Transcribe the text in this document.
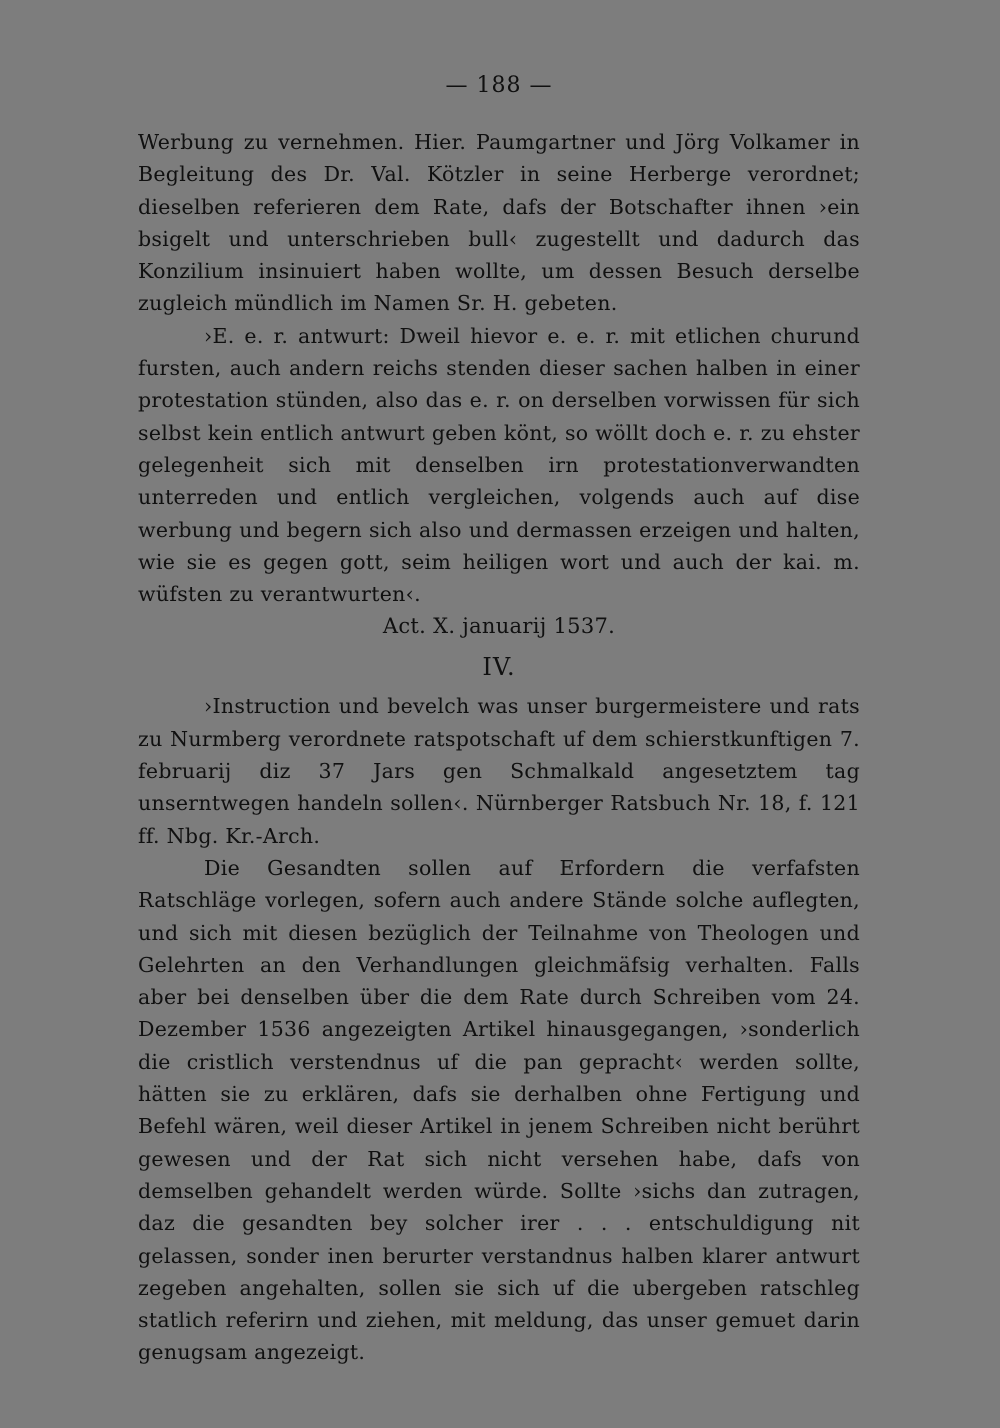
— 188 —

Werbung zu vernehmen. Hier. Paumgartner und Jörg Volkamer in Begleitung des Dr. Val. Kötzler in seine Herberge verordnet; dieselben referieren dem Rate, dafs der Botschafter ihnen ›ein bsigelt und unterschrieben bull‹ zugestellt und dadurch das Konzilium insinuiert haben wollte, um dessen Besuch derselbe zugleich mündlich im Namen Sr. H. gebeten.

›E. e. r. antwurt: Dweil hievor e. e. r. mit etlichen churund fursten, auch andern reichs stenden dieser sachen halben in einer protestation stünden, also das e. r. on derselben vorwissen für sich selbst kein entlich antwurt geben könt, so wöllt doch e. r. zu ehster gelegenheit sich mit denselben irn protestationverwandten unterreden und entlich vergleichen, volgends auch auf dise werbung und begern sich also und dermassen erzeigen und halten, wie sie es gegen gott, seim heiligen wort und auch der kai. m. wüfsten zu verantwurten‹.

Act. X. januarij 1537.

IV.

›Instruction und bevelch was unser burgermeistere und rats zu Nurmberg verordnete ratspotschaft uf dem schierstkunftigen 7. februarij diz 37 Jars gen Schmalkald angesetztem tag unserntwegen handeln sollen‹. Nürnberger Ratsbuch Nr. 18, f. 121 ff. Nbg. Kr.-Arch.

Die Gesandten sollen auf Erfordern die verfafsten Ratschläge vorlegen, sofern auch andere Stände solche auflegten, und sich mit diesen bezüglich der Teilnahme von Theologen und Gelehrten an den Verhandlungen gleichmäfsig verhalten. Falls aber bei denselben über die dem Rate durch Schreiben vom 24. Dezember 1536 angezeigten Artikel hinausgegangen, ›sonderlich die cristlich verstendnus uf die pan gepracht‹ werden sollte, hätten sie zu erklären, dafs sie derhalben ohne Fertigung und Befehl wären, weil dieser Artikel in jenem Schreiben nicht berührt gewesen und der Rat sich nicht versehen habe, dafs von demselben gehandelt werden würde. Sollte ›sichs dan zutragen, daz die gesandten bey solcher irer . . . entschuldigung nit gelassen, sonder inen berurter verstandnus halben klarer antwurt zegeben angehalten, sollen sie sich uf die ubergeben ratschleg statlich referirn und ziehen, mit meldung, das unser gemuet darin genugsam angezeigt.
